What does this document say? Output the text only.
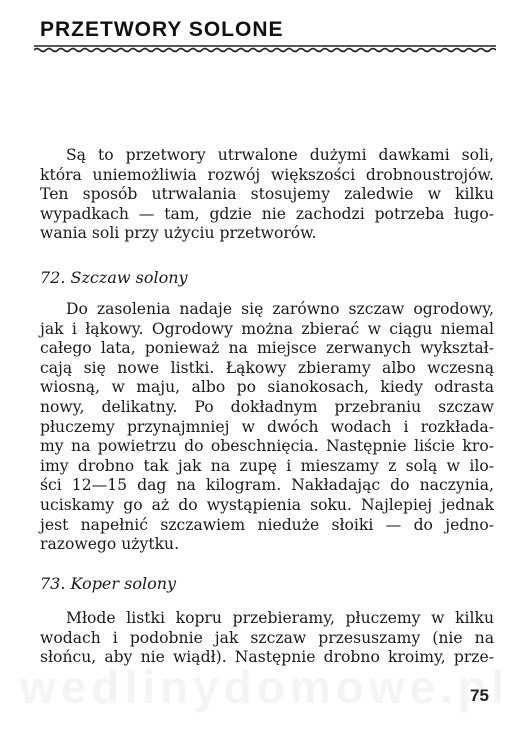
PRZETWORY SOLONE

Są to przetwory utrwalone dużymi dawkami soli,
która uniemożliwia rozwój większości drobnoustrojów.
Ten sposób utrwalania stosujemy zaledwie w kilku
wypadkach — tam, gdzie nie zachodzi potrzeba ługo-
wania soli przy użyciu przetworów.

72. Szczaw solony

Do zasolenia nadaje się zarówno szczaw ogrodowy,
jak i łąkowy. Ogrodowy można zbierać w ciągu niemal
całego lata, ponieważ na miejsce zerwanych wykształ-
cają się nowe listki. Łąkowy zbieramy albo wczesną
wiosną, w maju, albo po sianokosach, kiedy odrasta
nowy, delikatny. Po dokładnym przebraniu szczaw
płuczemy przynajmniej w dwóch wodach i rozkłada-
my na powietrzu do obeschnięcia. Następnie liście kro-
imy drobno tak jak na zupę i mieszamy z solą w ilo-
ści 12—15 dag na kilogram. Nakładając do naczynia,
uciskamy go aż do wystąpienia soku. Najlepiej jednak
jest napełnić szczawiem nieduże słoiki — do jedno-
razowego użytku.

73. Koper solony

Młode listki kopru przebieramy, płuczemy w kilku
wodach i podobnie jak szczaw przesuszamy (nie na
słońcu, aby nie wiądł). Następnie drobno kroimy, prze-

75
